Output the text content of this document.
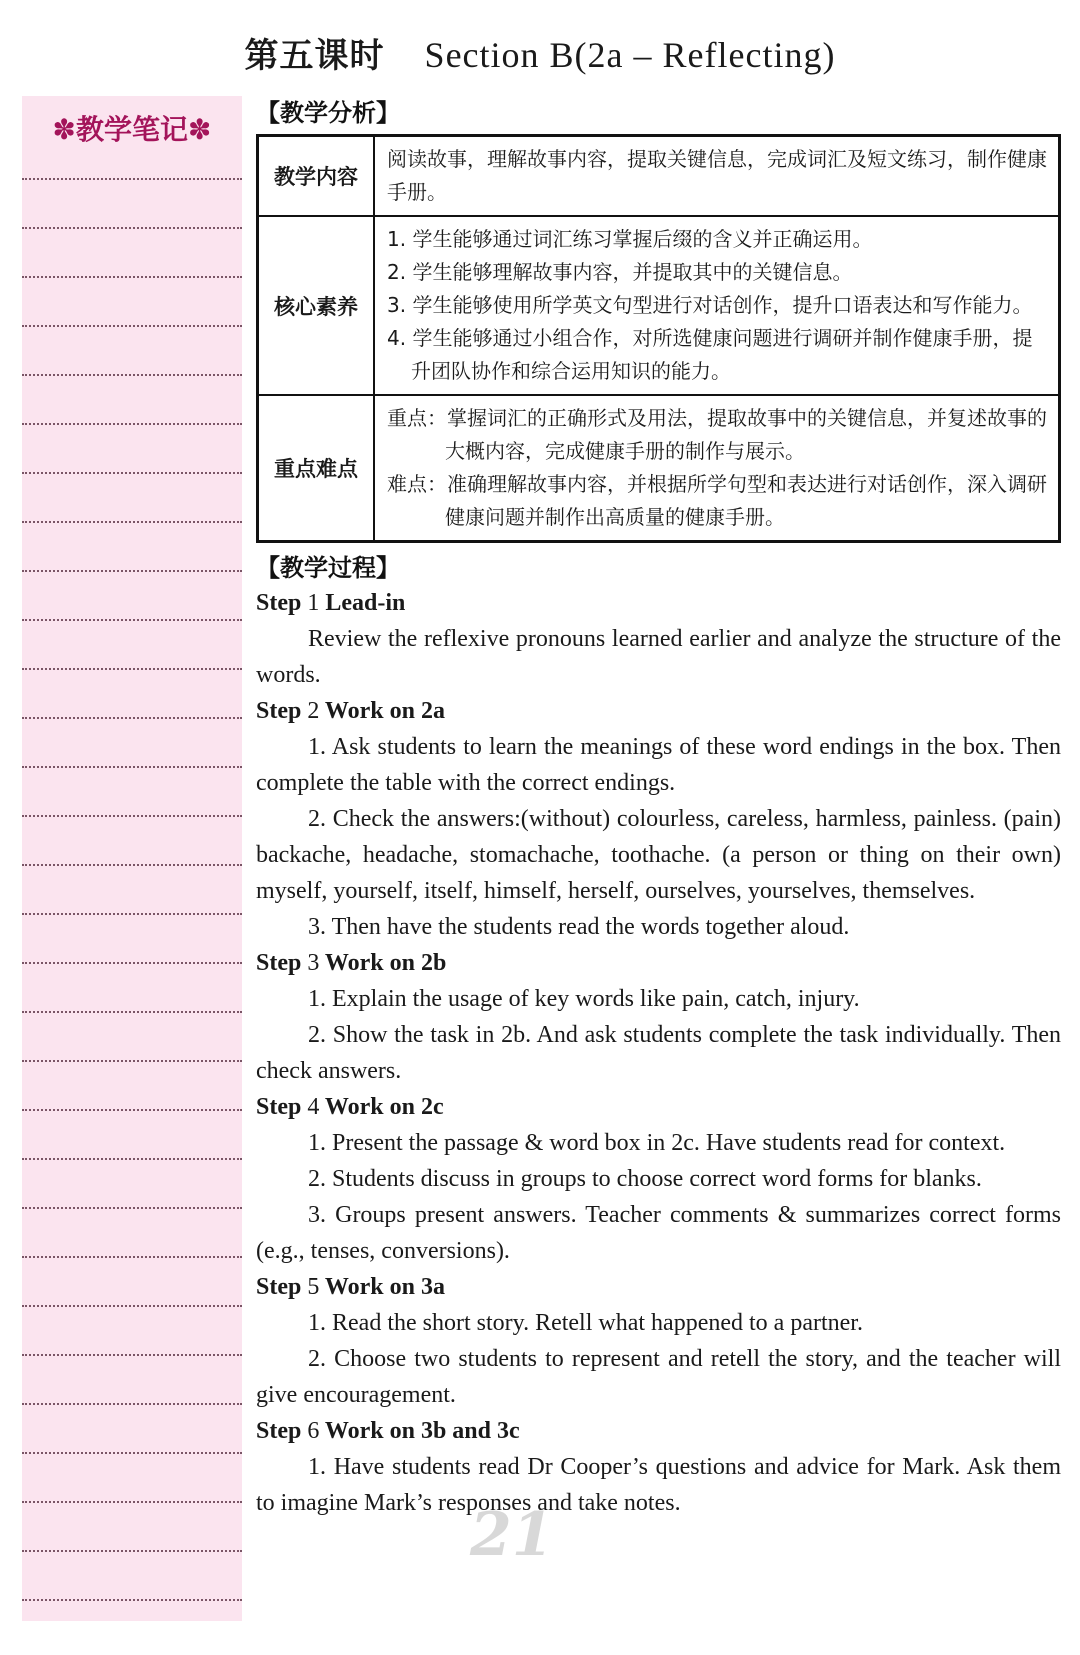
第五课时 Section B(2a – Reflecting)
✽教学笔记✽	【教学分析】

教学内容	阅读故事，理解故事内容，提取关键信息，完成词汇及短文练习，制作健康手册。

核心素养	1. 学生能够通过词汇练习掌握后缀的含义并正确运用。

2. 学生能够理解故事内容，并提取其中的关键信息。

3. 学生能够使用所学英文句型进行对话创作，提升口语表达和写作能力。

4. 学生能够通过小组合作，对所选健康问题进行调研并制作健康手册，提升团队协作和综合运用知识的能力。

重点难点	重点：掌握词汇的正确形式及用法，提取故事中的关键信息，并复述故事的大概内容，完成健康手册的制作与展示。

难点：准确理解故事内容，并根据所学句型和表达进行对话创作，深入调研健康问题并制作出高质量的健康手册。

【教学过程】

Step 1 Lead-in

Review the reflexive pronouns learned earlier and analyze the structure of the words.

Step 2 Work on 2a

1. Ask students to learn the meanings of these word endings in the box. Then complete the table with the correct endings.

2. Check the answers:(without) colourless, careless, harmless, painless. (pain) backache, headache, stomachache, toothache. (a person or thing on their own) myself, yourself, itself, himself, herself, ourselves, yourselves, themselves.

3. Then have the students read the words together aloud.

Step 3 Work on 2b

1. Explain the usage of key words like pain, catch, injury.

2. Show the task in 2b. And ask students complete the task individually. Then check answers.

Step 4 Work on 2c

1. Present the passage & word box in 2c. Have students read for context.

2. Students discuss in groups to choose correct word forms for blanks.

3. Groups present answers. Teacher comments & summarizes correct forms (e.g., tenses, conversions).

Step 5 Work on 3a

1. Read the short story. Retell what happened to a partner.

2. Choose two students to represent and retell the story, and the teacher will give encouragement.

Step 6 Work on 3b and 3c

1. Have students read Dr Cooper’s questions and advice for Mark. Ask them to imagine Mark’s responses and take notes.

21
